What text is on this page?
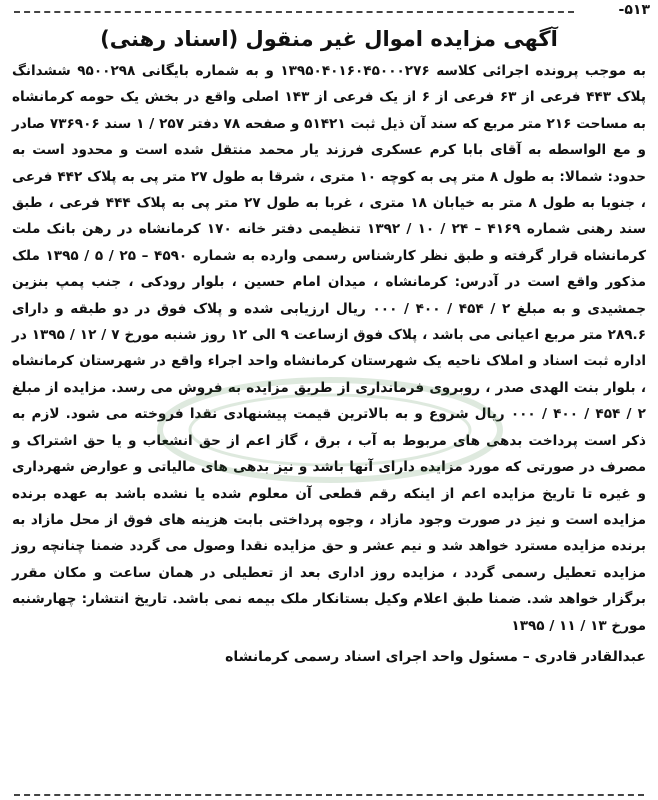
۵۱۳-
آگهی مزایده اموال غیر منقول (اسناد رهنی)
به موجب پرونده اجرائی کلاسه ۱۳۹۵۰۴۰۱۶۰۴۵۰۰۰۲۷۶ و به شماره بایگانی ۹۵۰۰۲۹۸ ششدانگ پلاک ۴۴۳ فرعی از ۶۳ فرعی از ۶ از یک فرعی از ۱۴۳ اصلی واقع در بخش یک حومه کرمانشاه به مساحت ۲۱۶ متر مربع که سند آن ذیل ثبت ۵۱۴۲۱ و صفحه ۷۸ دفتر ۲۵۷ / ۱ سند ۷۳۶۹۰۶ صادر و مع الواسطه به آقای بابا کرم عسکری فرزند یار محمد منتقل شده است و محدود است به حدود: شمالا: به طول ۸ متر پی به کوچه ۱۰ متری ، شرقا به طول ۲۷ متر پی به پلاک ۴۴۲ فرعی ، جنوبا به طول ۸ متر به خیابان ۱۸ متری ، غربا به طول ۲۷ متر پی به پلاک ۴۴۴ فرعی ، طبق سند رهنی شماره ۴۱۶۹ – ۲۴ / ۱۰ / ۱۳۹۲ تنظیمی دفتر خانه ۱۷۰ کرمانشاه در رهن بانک ملت کرمانشاه قرار گرفته و طبق نظر کارشناس رسمی وارده به شماره ۴۵۹۰ – ۲۵ / ۵ / ۱۳۹۵ ملک مذکور واقع است در آدرس: کرمانشاه ، میدان امام حسین ، بلوار رودکی ، جنب پمپ بنزین جمشیدی و به مبلغ ۲ / ۴۵۴ / ۴۰۰ / ۰۰۰ ریال ارزیابی شده و پلاک فوق در دو طبقه و دارای ۲۸۹.۶ متر مربع اعیانی می باشد ، پلاک فوق ازساعت ۹ الی ۱۲ روز شنبه مورخ ۷ / ۱۲ / ۱۳۹۵ در اداره ثبت اسناد و املاک ناحیه یک شهرستان کرمانشاه واحد اجراء واقع در شهرستان کرمانشاه ، بلوار بنت الهدی صدر ، روبروی فرمانداری از طریق مزایده به فروش می رسد. مزایده از مبلغ ۲ / ۴۵۴ / ۴۰۰ / ۰۰۰ ریال شروع و به بالاترین قیمت پیشنهادی نقدا فروخته می شود. لازم به ذکر است پرداخت بدهی های مربوط به آب ، برق ، گاز اعم از حق انشعاب و یا حق اشتراک و مصرف در صورتی که مورد مزایده دارای آنها باشد و نیز بدهی های مالیاتی و عوارض شهرداری و غیره تا تاریخ مزایده اعم از اینکه رقم قطعی آن معلوم شده یا نشده باشد به عهده برنده مزایده است و نیز در صورت وجود مازاد ، وجوه پرداختی بابت هزینه های فوق از محل مازاد به برنده مزایده مسترد خواهد شد و نیم عشر و حق مزایده نقدا وصول می گردد ضمنا چنانچه روز مزایده تعطیل رسمی گردد ، مزایده روز اداری بعد از تعطیلی در همان ساعت و مکان مقرر برگزار خواهد شد. ضمنا طبق اعلام وکیل بستانکار ملک بیمه نمی باشد. تاریخ انتشار: چهارشنبه مورخ ۱۳ / ۱۱ / ۱۳۹۵
عبدالقادر قادری – مسئول واحد اجرای اسناد رسمی کرمانشاه
